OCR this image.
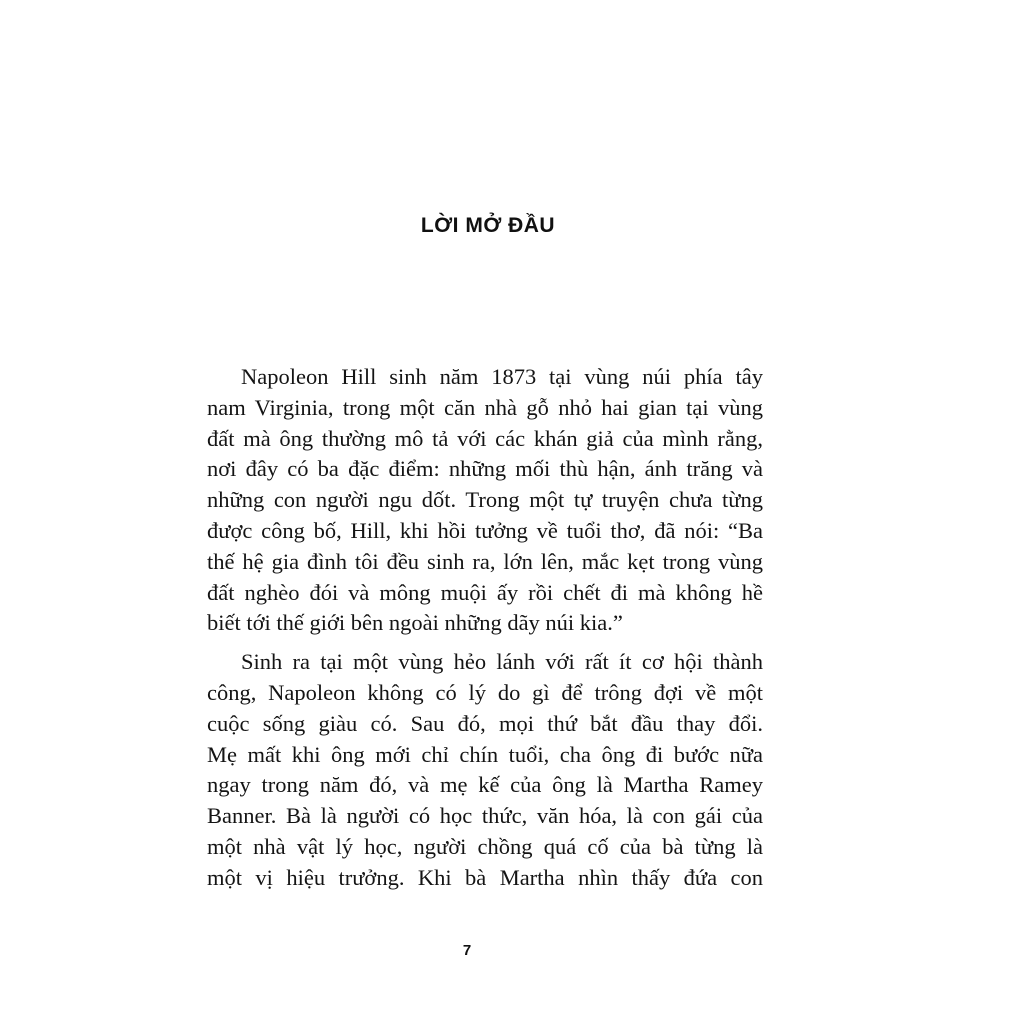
LỜI MỞ ĐẦU

Napoleon Hill sinh năm 1873 tại vùng núi phía tây
nam Virginia, trong một căn nhà gỗ nhỏ hai gian tại vùng
đất mà ông thường mô tả với các khán giả của mình rằng,
nơi đây có ba đặc điểm: những mối thù hận, ánh trăng và
những con người ngu dốt. Trong một tự truyện chưa từng
được công bố, Hill, khi hồi tưởng về tuổi thơ, đã nói: “Ba
thế hệ gia đình tôi đều sinh ra, lớn lên, mắc kẹt trong vùng
đất nghèo đói và mông muội ấy rồi chết đi mà không hề
biết tới thế giới bên ngoài những dãy núi kia.”

Sinh ra tại một vùng hẻo lánh với rất ít cơ hội thành
công, Napoleon không có lý do gì để trông đợi về một
cuộc sống giàu có. Sau đó, mọi thứ bắt đầu thay đổi.
Mẹ mất khi ông mới chỉ chín tuổi, cha ông đi bước nữa
ngay trong năm đó, và mẹ kế của ông là Martha Ramey
Banner. Bà là người có học thức, văn hóa, là con gái của
một nhà vật lý học, người chồng quá cố của bà từng là
một vị hiệu trưởng. Khi bà Martha nhìn thấy đứa con

7
